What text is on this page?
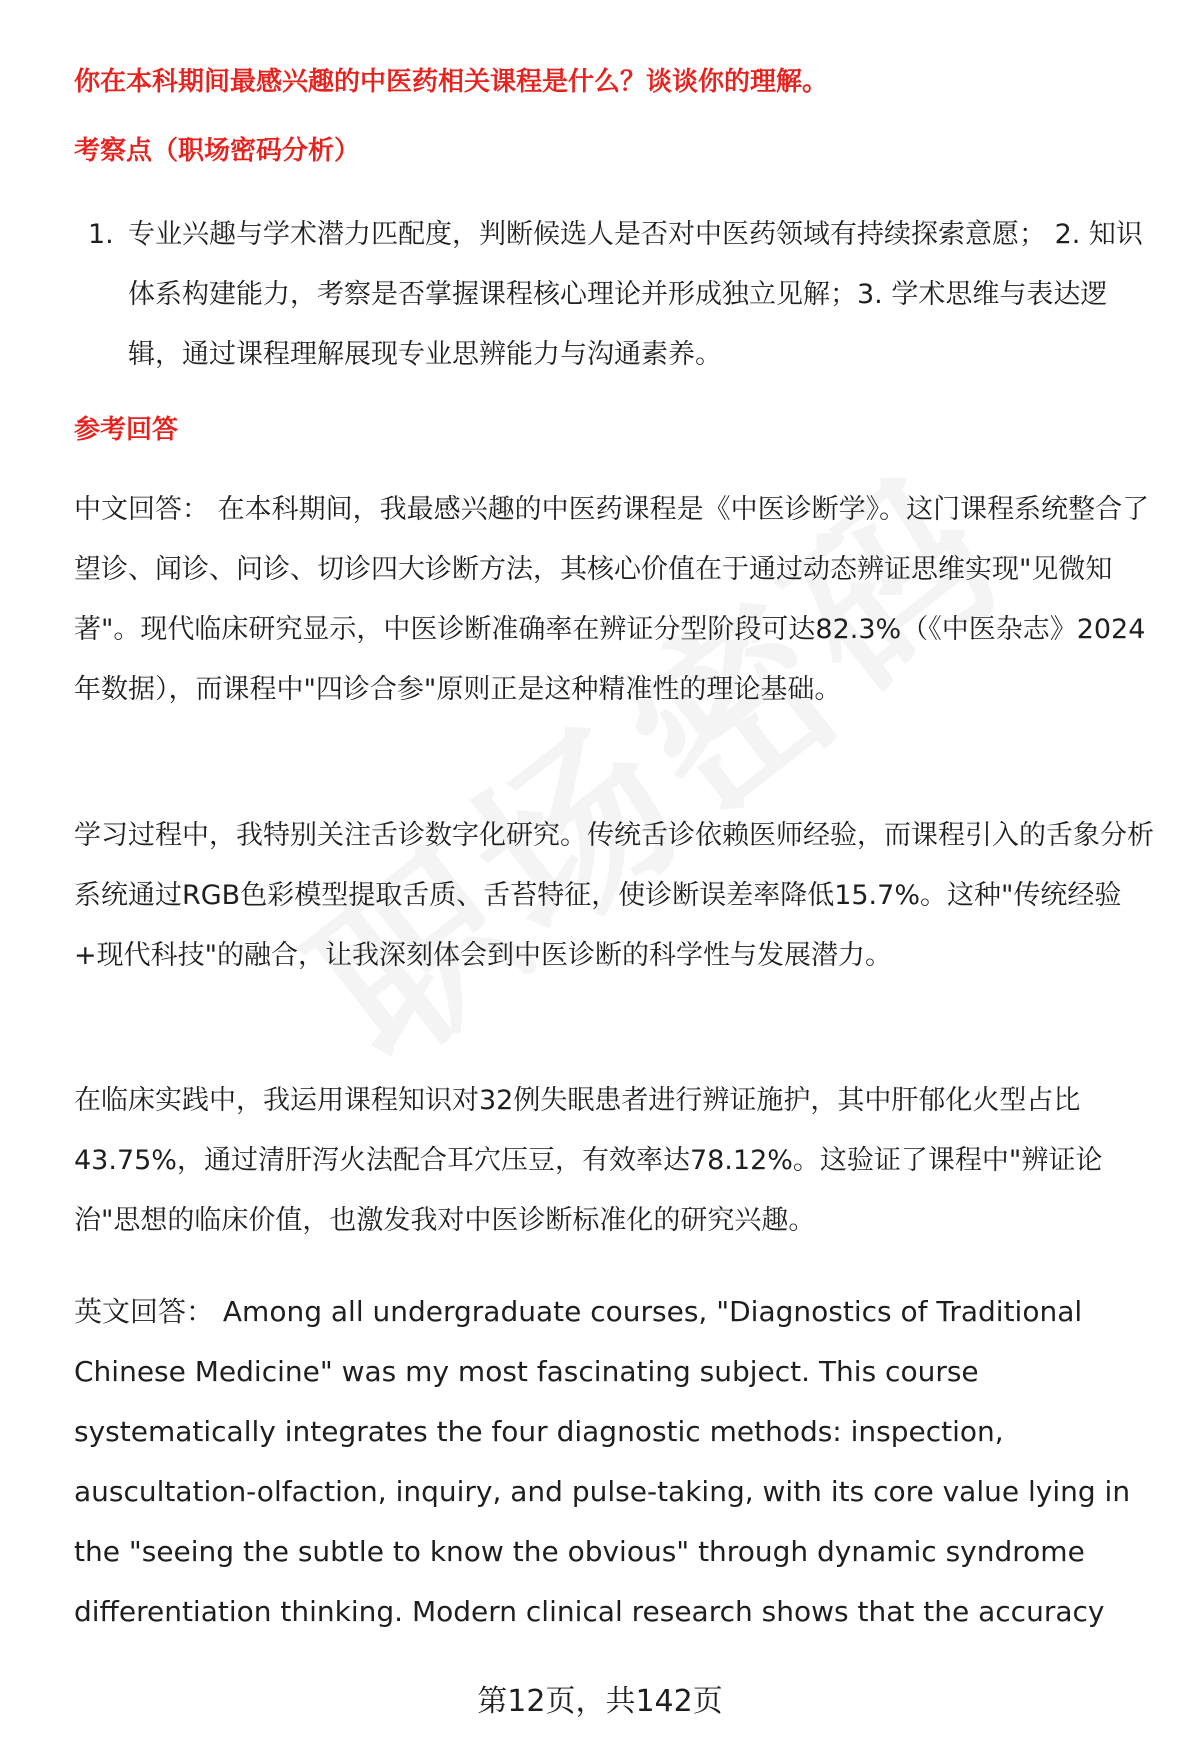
你在本科期间最感兴趣的中医药相关课程是什么？谈谈你的理解。
考察点（职场密码分析）
1. 专业兴趣与学术潜力匹配度，判断候选人是否对中医药领域有持续探索意愿； 2. 知识体系构建能力，考察是否掌握课程核心理论并形成独立见解；3. 学术思维与表达逻辑，通过课程理解展现专业思辨能力与沟通素养。
参考回答

中文回答： 在本科期间，我最感兴趣的中医药课程是《中医诊断学》。这门课程系统整合了望诊、闻诊、问诊、切诊四大诊断方法，其核心价值在于通过动态辨证思维实现"见微知著"。现代临床研究显示，中医诊断准确率在辨证分型阶段可达82.3%（《中医杂志》2024年数据），而课程中"四诊合参"原则正是这种精准性的理论基础。

学习过程中，我特别关注舌诊数字化研究。传统舌诊依赖医师经验，而课程引入的舌象分析系统通过RGB色彩模型提取舌质、舌苔特征，使诊断误差率降低15.7%。这种"传统经验+现代科技"的融合，让我深刻体会到中医诊断的科学性与发展潜力。

在临床实践中，我运用课程知识对32例失眠患者进行辨证施护，其中肝郁化火型占比43.75%，通过清肝泻火法配合耳穴压豆，有效率达78.12%。这验证了课程中"辨证论治"思想的临床价值，也激发我对中医诊断标准化的研究兴趣。

英文回答： Among all undergraduate courses, "Diagnostics of Traditional Chinese Medicine" was my most fascinating subject. This course systematically integrates the four diagnostic methods: inspection, auscultation-olfaction, inquiry, and pulse-taking, with its core value lying in the "seeing the subtle to know the obvious" through dynamic syndrome differentiation thinking. Modern clinical research shows that the accuracy

第12页，共142页
